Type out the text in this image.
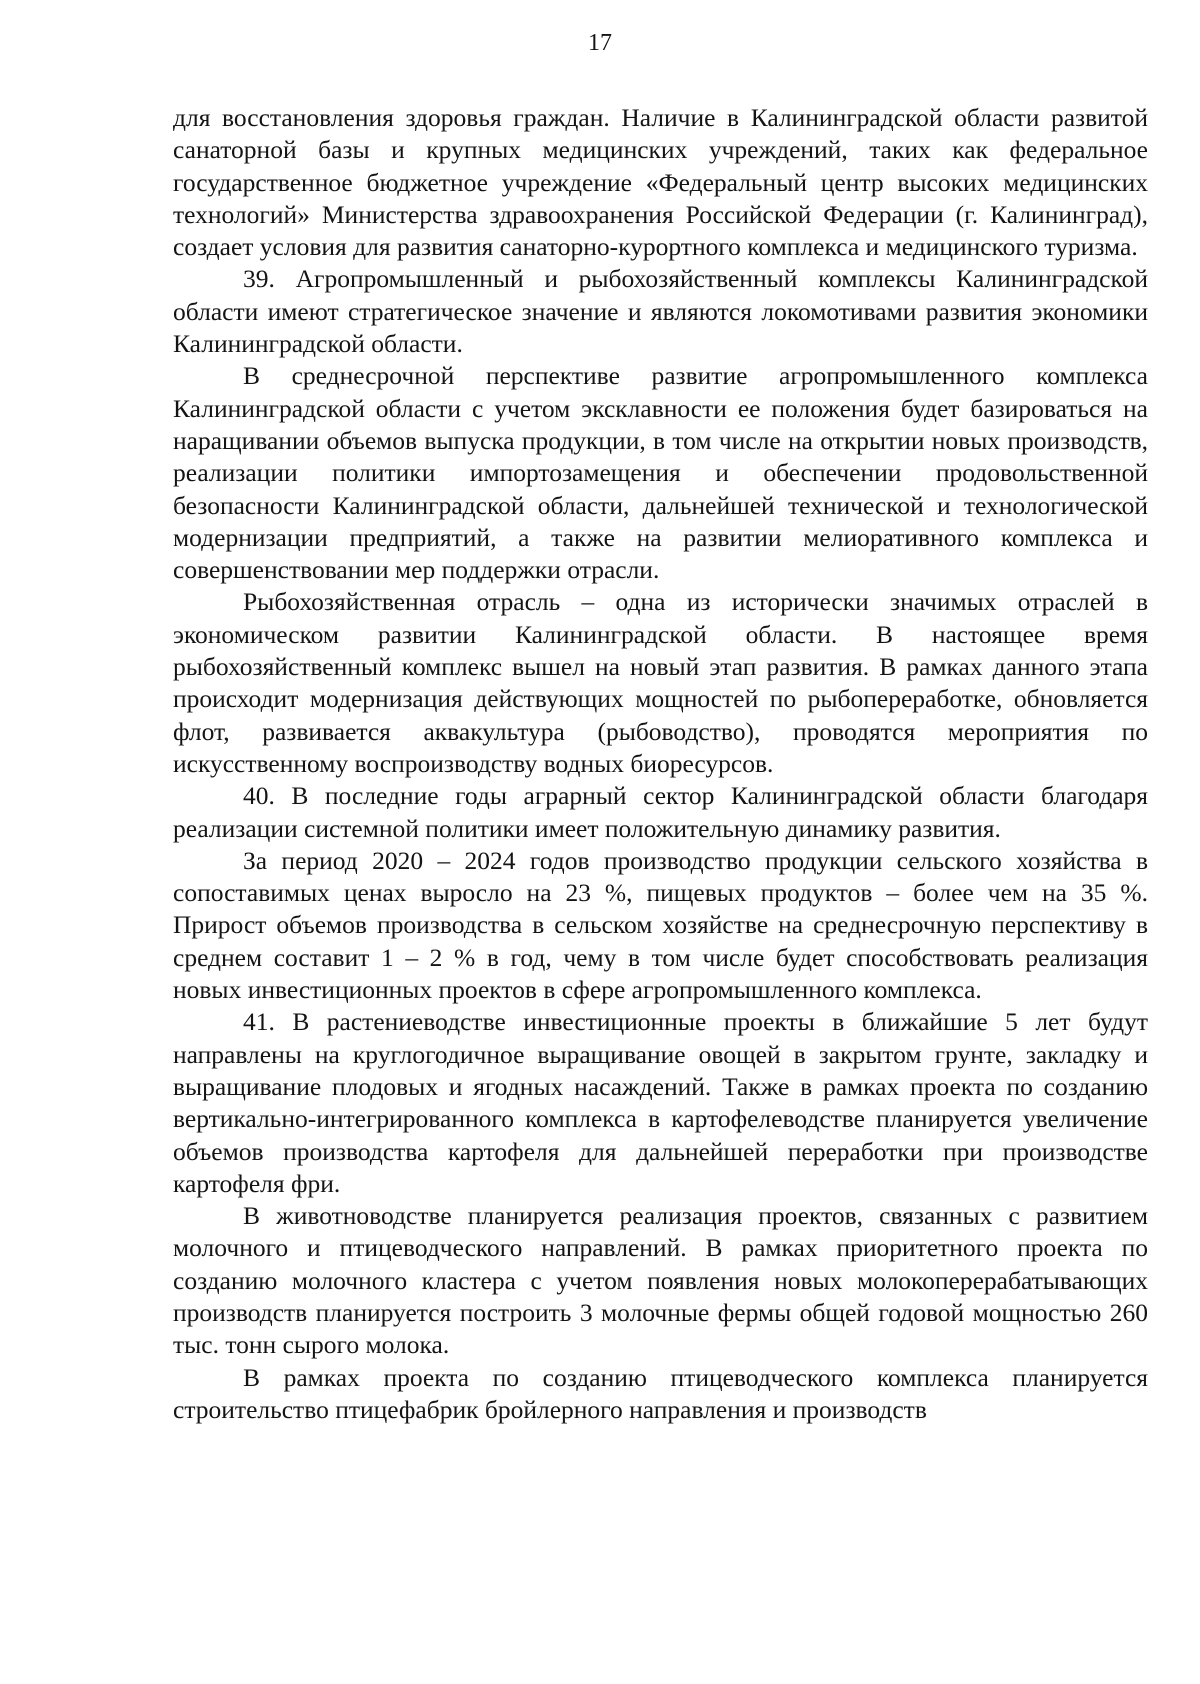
17

для восстановления здоровья граждан. Наличие в Калининградской области развитой санаторной базы и крупных медицинских учреждений, таких как федеральное государственное бюджетное учреждение «Федеральный центр высоких медицинских технологий» Министерства здравоохранения Российской Федерации (г. Калининград), создает условия для развития санаторно-курортного комплекса и медицинского туризма.

39. Агропромышленный и рыбохозяйственный комплексы Калининградской области имеют стратегическое значение и являются локомотивами развития экономики Калининградской области.

В среднесрочной перспективе развитие агропромышленного комплекса Калининградской области с учетом эксклавности ее положения будет базироваться на наращивании объемов выпуска продукции, в том числе на открытии новых производств, реализации политики импортозамещения и обеспечении продовольственной безопасности Калининградской области, дальнейшей технической и технологической модернизации предприятий, а также на развитии мелиоративного комплекса и совершенствовании мер поддержки отрасли.

Рыбохозяйственная отрасль – одна из исторически значимых отраслей в экономическом развитии Калининградской области. В настоящее время рыбохозяйственный комплекс вышел на новый этап развития. В рамках данного этапа происходит модернизация действующих мощностей по рыбопереработке, обновляется флот, развивается аквакультура (рыбоводство), проводятся мероприятия по искусственному воспроизводству водных биоресурсов.

40. В последние годы аграрный сектор Калининградской области благодаря реализации системной политики имеет положительную динамику развития.

За период 2020 – 2024 годов производство продукции сельского хозяйства в сопоставимых ценах выросло на 23 %, пищевых продуктов – более чем на 35 %. Прирост объемов производства в сельском хозяйстве на среднесрочную перспективу в среднем составит 1 – 2 % в год, чему в том числе будет способствовать реализация новых инвестиционных проектов в сфере агропромышленного комплекса.

41. В растениеводстве инвестиционные проекты в ближайшие 5 лет будут направлены на круглогодичное выращивание овощей в закрытом грунте, закладку и выращивание плодовых и ягодных насаждений. Также в рамках проекта по созданию вертикально-интегрированного комплекса в картофелеводстве планируется увеличение объемов производства картофеля для дальнейшей переработки при производстве картофеля фри.

В животноводстве планируется реализация проектов, связанных с развитием молочного и птицеводческого направлений. В рамках приоритетного проекта по созданию молочного кластера с учетом появления новых молокоперерабатывающих производств планируется построить 3 молочные фермы общей годовой мощностью 260 тыс. тонн сырого молока.

В рамках проекта по созданию птицеводческого комплекса планируется строительство птицефабрик бройлерного направления и производств
